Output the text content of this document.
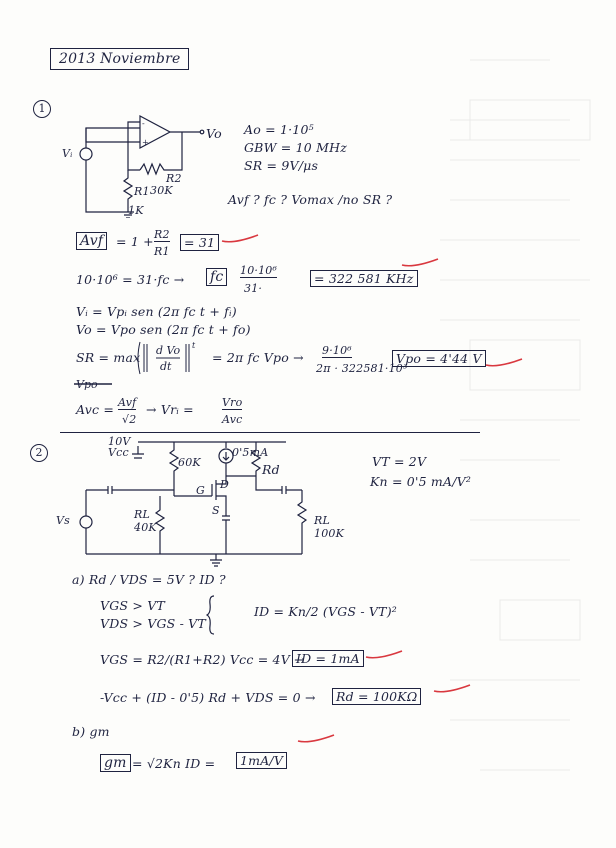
2013 Noviembre
1
-
+
Vᵢ
Vo
R2
30K
R1
1K
Ao = 1·10⁵
GBW = 10 MHz
SR = 9V/μs
Avf ? fc ? Vomax /no SR ?
Avf	= 1 + R2
R1
= 31
10·10⁶ = 31·fc → fc	10·10⁶
31·
= 322 581 KHz
Vᵢ = Vpᵢ sen (2π fc t + fᵢ)
Vo = Vpo sen (2π fc t + fo)
SR = max d Vo
dt
t
= 2π fc Vpo → 9·10⁶
2π · 322581·10³
Vpo = 4'44 V
Vpo
Avc = Avf
√2
→ Vrᵢ =	Vro
Avc
2
10V Vcc
60K
0'5mA
Rd
G D
S
Vs	RL 40K
RL 100K
VT = 2V
Kn = 0'5 mA/V²
a) Rd / VDS = 5V ? ID ?
VGS > VT
VDS > VGS - VT
ID = Kn/2 (VGS - VT)²
VGS = R2/(R1+R2) Vcc = 4V →
ID = 1mA
-Vcc + (ID - 0'5) Rd + VDS = 0 →	Rd = 100KΩ
b) gm
gm = √2Kn ID =	1mA/V
